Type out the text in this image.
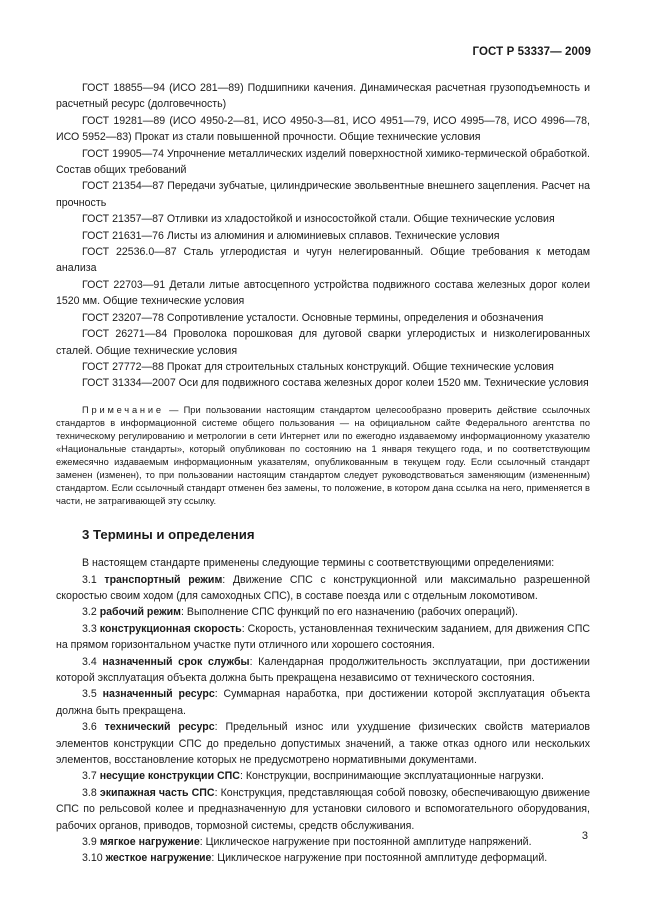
ГОСТ Р 53337— 2009

ГОСТ 18855—94 (ИСО 281—89) Подшипники качения. Динамическая расчетная грузоподъемность и расчетный ресурс (долговечность)

ГОСТ 19281—89 (ИСО 4950-2—81, ИСО 4950-3—81, ИСО 4951—79, ИСО 4995—78, ИСО 4996—78, ИСО 5952—83) Прокат из стали повышенной прочности. Общие технические условия

ГОСТ 19905—74 Упрочнение металлических изделий поверхностной химико-термической обработкой. Состав общих требований

ГОСТ 21354—87 Передачи зубчатые, цилиндрические эвольвентные внешнего зацепления. Расчет на прочность

ГОСТ 21357—87 Отливки из хладостойкой и износостойкой стали. Общие технические условия

ГОСТ 21631—76 Листы из алюминия и алюминиевых сплавов. Технические условия

ГОСТ 22536.0—87 Сталь углеродистая и чугун нелегированный. Общие требования к методам анализа

ГОСТ 22703—91 Детали литые автосцепного устройства подвижного состава железных дорог колеи 1520 мм. Общие технические условия

ГОСТ 23207—78 Сопротивление усталости. Основные термины, определения и обозначения

ГОСТ 26271—84 Проволока порошковая для дуговой сварки углеродистых и низколегированных сталей. Общие технические условия

ГОСТ 27772—88 Прокат для строительных стальных конструкций. Общие технические условия

ГОСТ 31334—2007 Оси для подвижного состава железных дорог колеи 1520 мм. Технические условия

Примечание — При пользовании настоящим стандартом целесообразно проверить действие ссылочных стандартов в информационной системе общего пользования — на официальном сайте Федерального агентства по техническому регулированию и метрологии в сети Интернет или по ежегодно издаваемому информационному указателю «Национальные стандарты», который опубликован по состоянию на 1 января текущего года, и по соответствующим ежемесячно издаваемым информационным указателям, опубликованным в текущем году. Если ссылочный стандарт заменен (изменен), то при пользовании настоящим стандартом следует руководствоваться заменяющим (измененным) стандартом. Если ссылочный стандарт отменен без замены, то положение, в котором дана ссылка на него, применяется в части, не затрагивающей эту ссылку.

3 Термины и определения

В настоящем стандарте применены следующие термины с соответствующими определениями:

3.1 транспортный режим: Движение СПС с конструкционной или максимально разрешенной скоростью своим ходом (для самоходных СПС), в составе поезда или с отдельным локомотивом.

3.2 рабочий режим: Выполнение СПС функций по его назначению (рабочих операций).

3.3 конструкционная скорость: Скорость, установленная техническим заданием, для движения СПС на прямом горизонтальном участке пути отличного или хорошего состояния.

3.4 назначенный срок службы: Календарная продолжительность эксплуатации, при достижении которой эксплуатация объекта должна быть прекращена независимо от технического состояния.

3.5 назначенный ресурс: Суммарная наработка, при достижении которой эксплуатация объекта должна быть прекращена.

3.6 технический ресурс: Предельный износ или ухудшение физических свойств материалов элементов конструкции СПС до предельно допустимых значений, а также отказ одного или нескольких элементов, восстановление которых не предусмотрено нормативными документами.

3.7 несущие конструкции СПС: Конструкции, воспринимающие эксплуатационные нагрузки.

3.8 экипажная часть СПС: Конструкция, представляющая собой повозку, обеспечивающую движение СПС по рельсовой колее и предназначенную для установки силового и вспомогательного оборудования, рабочих органов, приводов, тормозной системы, средств обслуживания.

3.9 мягкое нагружение: Циклическое нагружение при постоянной амплитуде напряжений.

3.10 жесткое нагружение: Циклическое нагружение при постоянной амплитуде деформаций.

3
